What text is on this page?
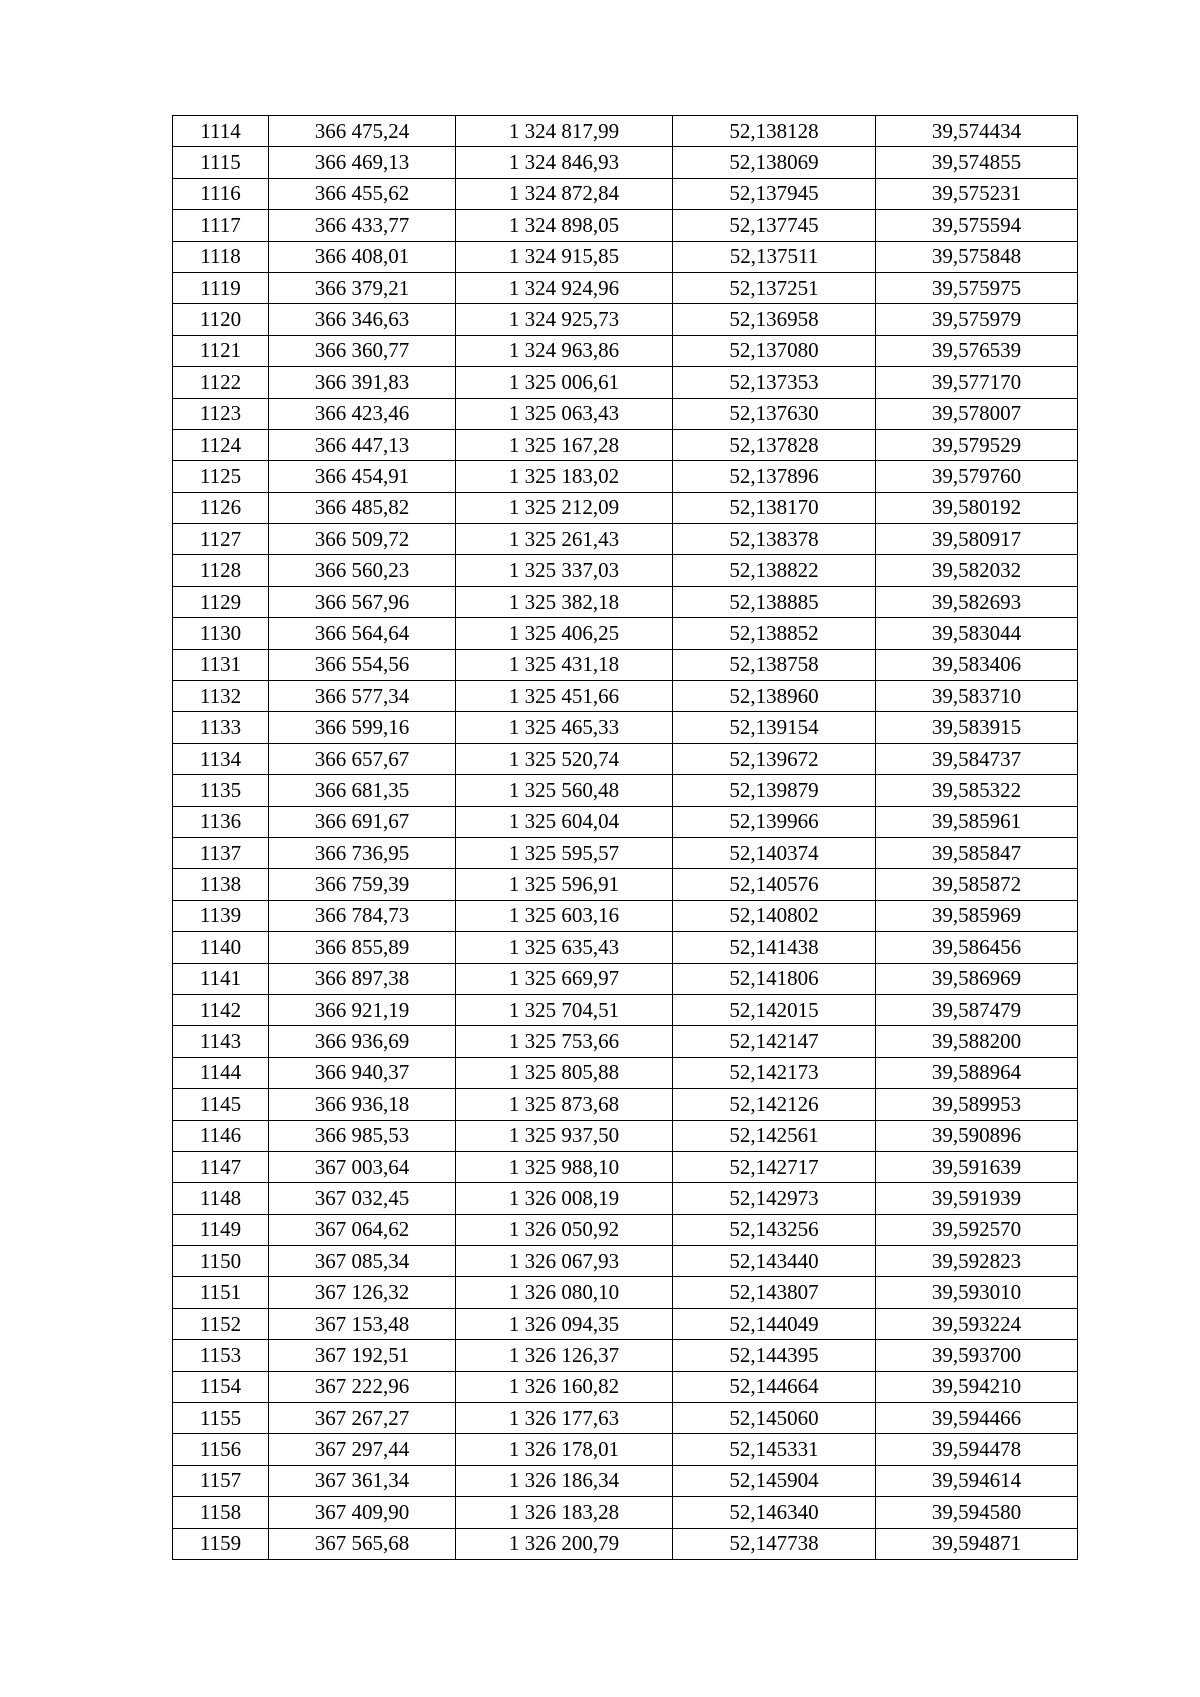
1114	366 475,24	1 324 817,99	52,138128	39,574434
1115	366 469,13	1 324 846,93	52,138069	39,574855
1116	366 455,62	1 324 872,84	52,137945	39,575231
1117	366 433,77	1 324 898,05	52,137745	39,575594
1118	366 408,01	1 324 915,85	52,137511	39,575848
1119	366 379,21	1 324 924,96	52,137251	39,575975
1120	366 346,63	1 324 925,73	52,136958	39,575979
1121	366 360,77	1 324 963,86	52,137080	39,576539
1122	366 391,83	1 325 006,61	52,137353	39,577170
1123	366 423,46	1 325 063,43	52,137630	39,578007
1124	366 447,13	1 325 167,28	52,137828	39,579529
1125	366 454,91	1 325 183,02	52,137896	39,579760
1126	366 485,82	1 325 212,09	52,138170	39,580192
1127	366 509,72	1 325 261,43	52,138378	39,580917
1128	366 560,23	1 325 337,03	52,138822	39,582032
1129	366 567,96	1 325 382,18	52,138885	39,582693
1130	366 564,64	1 325 406,25	52,138852	39,583044
1131	366 554,56	1 325 431,18	52,138758	39,583406
1132	366 577,34	1 325 451,66	52,138960	39,583710
1133	366 599,16	1 325 465,33	52,139154	39,583915
1134	366 657,67	1 325 520,74	52,139672	39,584737
1135	366 681,35	1 325 560,48	52,139879	39,585322
1136	366 691,67	1 325 604,04	52,139966	39,585961
1137	366 736,95	1 325 595,57	52,140374	39,585847
1138	366 759,39	1 325 596,91	52,140576	39,585872
1139	366 784,73	1 325 603,16	52,140802	39,585969
1140	366 855,89	1 325 635,43	52,141438	39,586456
1141	366 897,38	1 325 669,97	52,141806	39,586969
1142	366 921,19	1 325 704,51	52,142015	39,587479
1143	366 936,69	1 325 753,66	52,142147	39,588200
1144	366 940,37	1 325 805,88	52,142173	39,588964
1145	366 936,18	1 325 873,68	52,142126	39,589953
1146	366 985,53	1 325 937,50	52,142561	39,590896
1147	367 003,64	1 325 988,10	52,142717	39,591639
1148	367 032,45	1 326 008,19	52,142973	39,591939
1149	367 064,62	1 326 050,92	52,143256	39,592570
1150	367 085,34	1 326 067,93	52,143440	39,592823
1151	367 126,32	1 326 080,10	52,143807	39,593010
1152	367 153,48	1 326 094,35	52,144049	39,593224
1153	367 192,51	1 326 126,37	52,144395	39,593700
1154	367 222,96	1 326 160,82	52,144664	39,594210
1155	367 267,27	1 326 177,63	52,145060	39,594466
1156	367 297,44	1 326 178,01	52,145331	39,594478
1157	367 361,34	1 326 186,34	52,145904	39,594614
1158	367 409,90	1 326 183,28	52,146340	39,594580
1159	367 565,68	1 326 200,79	52,147738	39,594871
